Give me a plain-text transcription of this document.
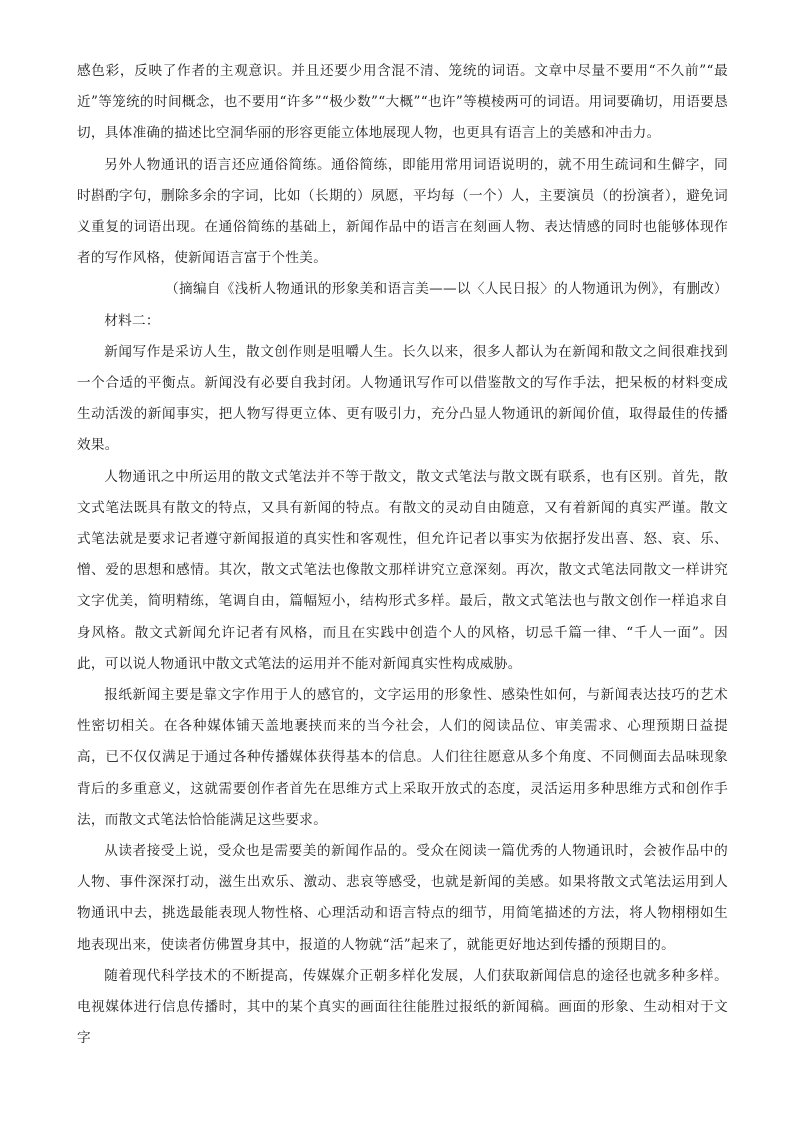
感色彩，反映了作者的主观意识。并且还要少用含混不清、笼统的词语。文章中尽量不要用“不久前”“最近”等笼统的时间概念，也不要用“许多”“极少数”“大概”“也许”等模棱两可的词语。用词要确切，用语要恳切，具体准确的描述比空洞华丽的形容更能立体地展现人物，也更具有语言上的美感和冲击力。

另外人物通讯的语言还应通俗简练。通俗简练，即能用常用词语说明的，就不用生疏词和生僻字，同时斟酌字句，删除多余的字词，比如（长期的）夙愿，平均每（一个）人，主要演员（的扮演者），避免词义重复的词语出现。在通俗简练的基础上，新闻作品中的语言在刻画人物、表达情感的同时也能够体现作者的写作风格，使新闻语言富于个性美。

（摘编自《浅析人物通讯的形象美和语言美——以〈人民日报〉的人物通讯为例》，有删改）

材料二：

新闻写作是采访人生，散文创作则是咀嚼人生。长久以来，很多人都认为在新闻和散文之间很难找到一个合适的平衡点。新闻没有必要自我封闭。人物通讯写作可以借鉴散文的写作手法，把呆板的材料变成生动活泼的新闻事实，把人物写得更立体、更有吸引力，充分凸显人物通讯的新闻价值，取得最佳的传播效果。

人物通讯之中所运用的散文式笔法并不等于散文，散文式笔法与散文既有联系，也有区别。首先，散文式笔法既具有散文的特点，又具有新闻的特点。有散文的灵动自由随意，又有着新闻的真实严谨。散文式笔法就是要求记者遵守新闻报道的真实性和客观性，但允许记者以事实为依据抒发出喜、怒、哀、乐、憎、爱的思想和感情。其次，散文式笔法也像散文那样讲究立意深刻。再次，散文式笔法同散文一样讲究文字优美，简明精练，笔调自由，篇幅短小，结构形式多样。最后，散文式笔法也与散文创作一样追求自身风格。散文式新闻允许记者有风格，而且在实践中创造个人的风格，切忌千篇一律、“千人一面”。因此，可以说人物通讯中散文式笔法的运用并不能对新闻真实性构成威胁。

报纸新闻主要是靠文字作用于人的感官的，文字运用的形象性、感染性如何，与新闻表达技巧的艺术性密切相关。在各种媒体铺天盖地裹挟而来的当今社会，人们的阅读品位、审美需求、心理预期日益提高，已不仅仅满足于通过各种传播媒体获得基本的信息。人们往往愿意从多个角度、不同侧面去品味现象背后的多重意义，这就需要创作者首先在思维方式上采取开放式的态度，灵活运用多种思维方式和创作手法，而散文式笔法恰恰能满足这些要求。

从读者接受上说，受众也是需要美的新闻作品的。受众在阅读一篇优秀的人物通讯时，会被作品中的人物、事件深深打动，滋生出欢乐、激动、悲哀等感受，也就是新闻的美感。如果将散文式笔法运用到人物通讯中去，挑选最能表现人物性格、心理活动和语言特点的细节，用简笔描述的方法，将人物栩栩如生地表现出来，使读者仿佛置身其中，报道的人物就“活”起来了，就能更好地达到传播的预期目的。

随着现代科学技术的不断提高，传媒媒介正朝多样化发展，人们获取新闻信息的途径也就多种多样。电视媒体进行信息传播时，其中的某个真实的画面往往能胜过报纸的新闻稿。画面的形象、生动相对于文字
